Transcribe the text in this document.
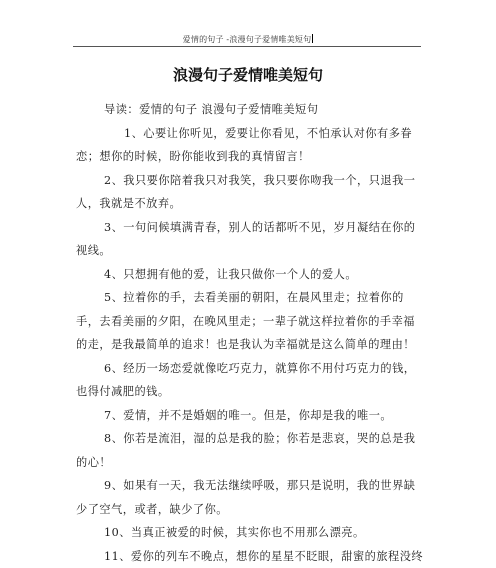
爱情的句子 -浪漫句子爱情唯美短句
浪漫句子爱情唯美短句
导读：爱情的句子 浪漫句子爱情唯美短句

1、心要让你听见，爱要让你看见，不怕承认对你有多眷恋；想你的时候，盼你能收到我的真情留言！

2、我只要你陪着我只对我笑，我只要你吻我一个，只退我一人，我就是不放弃。

3、一句问候填满青春，别人的话都听不见，岁月凝结在你的视线。

4、只想拥有他的爱，让我只做你一个人的爱人。

5、拉着你的手，去看美丽的朝阳，在晨风里走；拉着你的手，去看美丽的夕阳，在晚风里走；一辈子就这样拉着你的手幸福的走，是我最简单的追求！也是我认为幸福就是这么简单的理由！

6、经历一场恋爱就像吃巧克力，就算你不用付巧克力的钱，也得付减肥的钱。

7、爱情，并不是婚姻的唯一。但是，你却是我的唯一。

8、你若是流泪，湿的总是我的脸；你若是悲哀，哭的总是我的心！

9、如果有一天，我无法继续呼吸，那只是说明，我的世界缺少了空气，或者，缺少了你。

10、当真正被爱的时候，其实你也不用那么漂亮。

11、爱你的列车不晚点，想你的星星不眨眼，甜蜜的旅程没终
